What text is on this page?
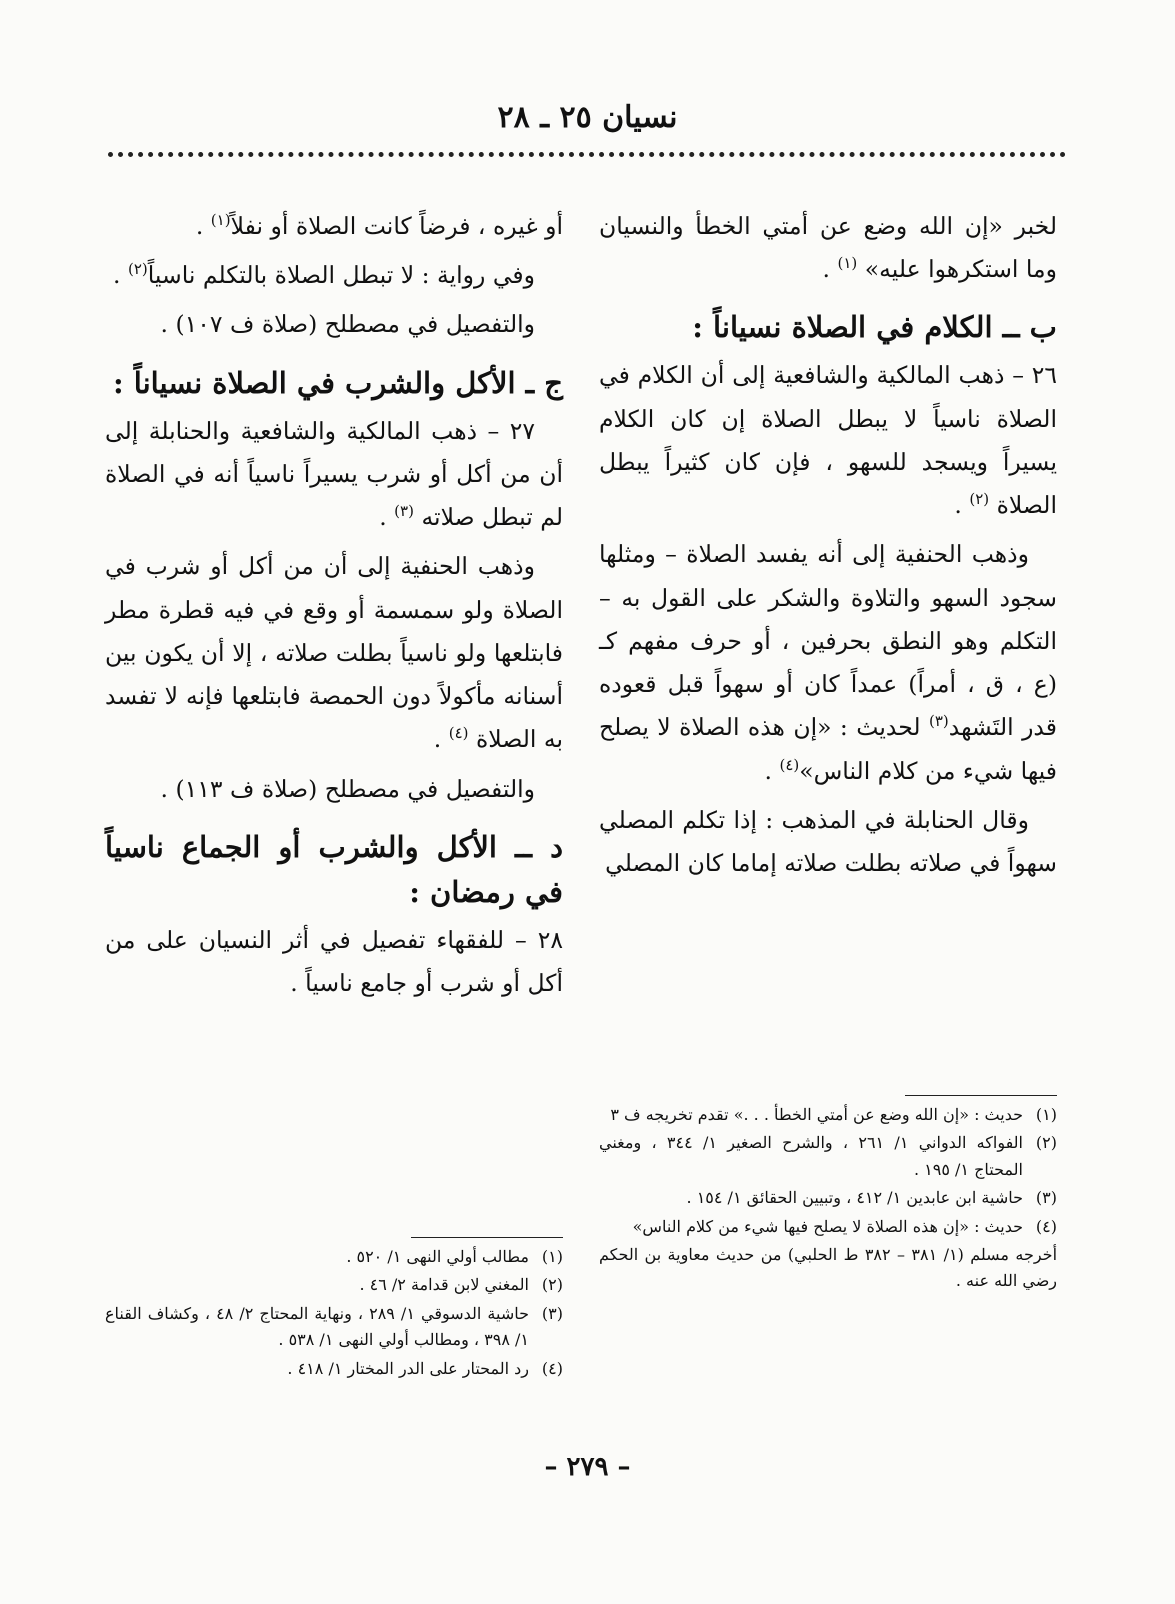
نسيان ٢٥ ـ ٢٨

لخبر «إن الله وضع عن أمتي الخطأ والنسيان وما استكرهوا عليه» $^{(١)}$ .

ب ــ الكلام في الصلاة نسياناً :

٢٦ – ذهب المالكية والشافعية إلى أن الكلام في الصلاة ناسياً لا يبطل الصلاة إن كان الكلام يسيراً ويسجد للسهو ، فإن كان كثيراً يبطل الصلاة $^{(٢)}$ .

وذهب الحنفية إلى أنه يفسد الصلاة – ومثلها سجود السهو والتلاوة والشكر على القول به – التكلم وهو النطق بحرفين ، أو حرف مفهم كـ (ع ، ق ، أمراً) عمداً كان أو سهواً قبل قعوده قدر التَشهد$^{(٣)}$ لحديث : «إن هذه الصلاة لا يصلح فيها شيء من كلام الناس»$^{(٤)}$ .

وقال الحنابلة في المذهب : إذا تكلم المصلي سهواً في صلاته بطلت صلاته إماما كان المصلي

أو غيره ، فرضاً كانت الصلاة أو نفلاً$^{(١)}$ .

وفي رواية : لا تبطل الصلاة بالتكلم ناسياً$^{(٢)}$ .

والتفصيل في مصطلح (صلاة ف ١٠٧) .

ج ـ الأكل والشرب في الصلاة نسياناً :

٢٧ – ذهب المالكية والشافعية والحنابلة إلى أن من أكل أو شرب يسيراً ناسياً أنه في الصلاة لم تبطل صلاته $^{(٣)}$ .

وذهب الحنفية إلى أن من أكل أو شرب في الصلاة ولو سمسمة أو وقع في فيه قطرة مطر فابتلعها ولو ناسياً بطلت صلاته ، إلا أن يكون بين أسنانه مأكولاً دون الحمصة فابتلعها فإنه لا تفسد به الصلاة $^{(٤)}$ .

والتفصيل في مصطلح (صلاة ف ١١٣) .

د ــ الأكل والشرب أو الجماع ناسياً في رمضان :

٢٨ – للفقهاء تفصيل في أثر النسيان على من أكل أو شرب أو جامع ناسياً .

(١)حديث : «إن الله وضع عن أمتي الخطأ . . .» تقدم تخريجه ف ٣
(٢)الفواكه الدواني ١/ ٢٦١ ، والشرح الصغير ١/ ٣٤٤ ، ومغني المحتاج ١/ ١٩٥ .
(٣)حاشية ابن عابدين ١/ ٤١٢ ، وتبيين الحقائق ١/ ١٥٤ .
(٤)حديث : «إن هذه الصلاة لا يصلح فيها شيء من كلام الناس»
أخرجه مسلم (١/ ٣٨١ – ٣٨٢ ط الحلبي) من حديث معاوية بن الحكم رضي الله عنه .
(١)مطالب أولي النهى ١/ ٥٢٠ .
(٢)المغني لابن قدامة ٢/ ٤٦ .
(٣)حاشية الدسوقي ١/ ٢٨٩ ، ونهاية المحتاج ٢/ ٤٨ ، وكشاف القناع ١/ ٣٩٨ ، ومطالب أولي النهى ١/ ٥٣٨ .
(٤)رد المحتار على الدر المختار ١/ ٤١٨ .
– ٢٧٩ –
